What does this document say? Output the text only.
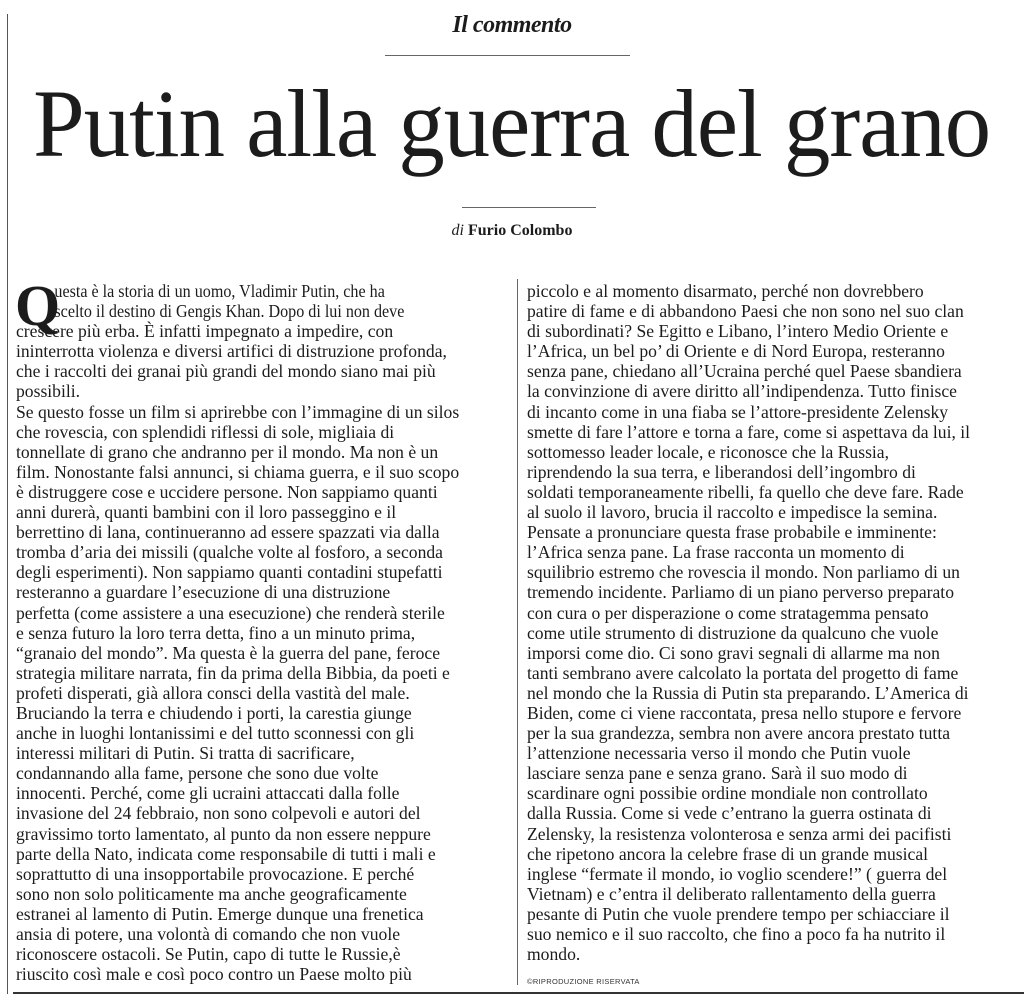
Il commento
Putin alla guerra del grano
di Furio Colombo
Q
uesta è la storia di un uomo, Vladimir Putin, che ha
scelto il destino di Gengis Khan. Dopo di lui non deve
crescere più erba. È infatti impegnato a impedire, con
ininterrotta violenza e diversi artifici di distruzione profonda,
che i raccolti dei granai più grandi del mondo siano mai più
possibili.
Se questo fosse un film si aprirebbe con l’immagine di un silos
che rovescia, con splendidi riflessi di sole, migliaia di
tonnellate di grano che andranno per il mondo. Ma non è un
film. Nonostante falsi annunci, si chiama guerra, e il suo scopo
è distruggere cose e uccidere persone. Non sappiamo quanti
anni durerà, quanti bambini con il loro passeggino e il
berrettino di lana, continueranno ad essere spazzati via dalla
tromba d’aria dei missili (qualche volte al fosforo, a seconda
degli esperimenti). Non sappiamo quanti contadini stupefatti
resteranno a guardare l’esecuzione di una distruzione
perfetta (come assistere a una esecuzione) che renderà sterile
e senza futuro la loro terra detta, fino a un minuto prima,
“granaio del mondo”. Ma questa è la guerra del pane, feroce
strategia militare narrata, fin da prima della Bibbia, da poeti e
profeti disperati, già allora consci della vastità del male.
Bruciando la terra e chiudendo i porti, la carestia giunge
anche in luoghi lontanissimi e del tutto sconnessi con gli
interessi militari di Putin. Si tratta di sacrificare,
condannando alla fame, persone che sono due volte
innocenti. Perché, come gli ucraini attaccati dalla folle
invasione del 24 febbraio, non sono colpevoli e autori del
gravissimo torto lamentato, al punto da non essere neppure
parte della Nato, indicata come responsabile di tutti i mali e
soprattutto di una insopportabile provocazione. E perché
sono non solo politicamente ma anche geograficamente
estranei al lamento di Putin. Emerge dunque una frenetica
ansia di potere, una volontà di comando che non vuole
riconoscere ostacoli. Se Putin, capo di tutte le Russie,è
riuscito così male e così poco contro un Paese molto più
piccolo e al momento disarmato, perché non dovrebbero
patire di fame e di abbandono Paesi che non sono nel suo clan
di subordinati? Se Egitto e Libano, l’intero Medio Oriente e
l’Africa, un bel po’ di Oriente e di Nord Europa, resteranno
senza pane, chiedano all’Ucraina perché quel Paese sbandiera
la convinzione di avere diritto all’indipendenza. Tutto finisce
di incanto come in una fiaba se l’attore-presidente Zelensky
smette di fare l’attore e torna a fare, come si aspettava da lui, il
sottomesso leader locale, e riconosce che la Russia,
riprendendo la sua terra, e liberandosi dell’ingombro di
soldati temporaneamente ribelli, fa quello che deve fare. Rade
al suolo il lavoro, brucia il raccolto e impedisce la semina.
Pensate a pronunciare questa frase probabile e imminente:
l’Africa senza pane. La frase racconta un momento di
squilibrio estremo che rovescia il mondo. Non parliamo di un
tremendo incidente. Parliamo di un piano perverso preparato
con cura o per disperazione o come stratagemma pensato
come utile strumento di distruzione da qualcuno che vuole
imporsi come dio. Ci sono gravi segnali di allarme ma non
tanti sembrano avere calcolato la portata del progetto di fame
nel mondo che la Russia di Putin sta preparando. L’America di
Biden, come ci viene raccontata, presa nello stupore e fervore
per la sua grandezza, sembra non avere ancora prestato tutta
l’attenzione necessaria verso il mondo che Putin vuole
lasciare senza pane e senza grano. Sarà il suo modo di
scardinare ogni possibie ordine mondiale non controllato
dalla Russia. Come si vede c’entrano la guerra ostinata di
Zelensky, la resistenza volonterosa e senza armi dei pacifisti
che ripetono ancora la celebre frase di un grande musical
inglese “fermate il mondo, io voglio scendere!” ( guerra del
Vietnam) e c’entra il deliberato rallentamento della guerra
pesante di Putin che vuole prendere tempo per schiacciare il
suo nemico e il suo raccolto, che fino a poco fa ha nutrito il
mondo.
©RIPRODUZIONE RISERVATA
